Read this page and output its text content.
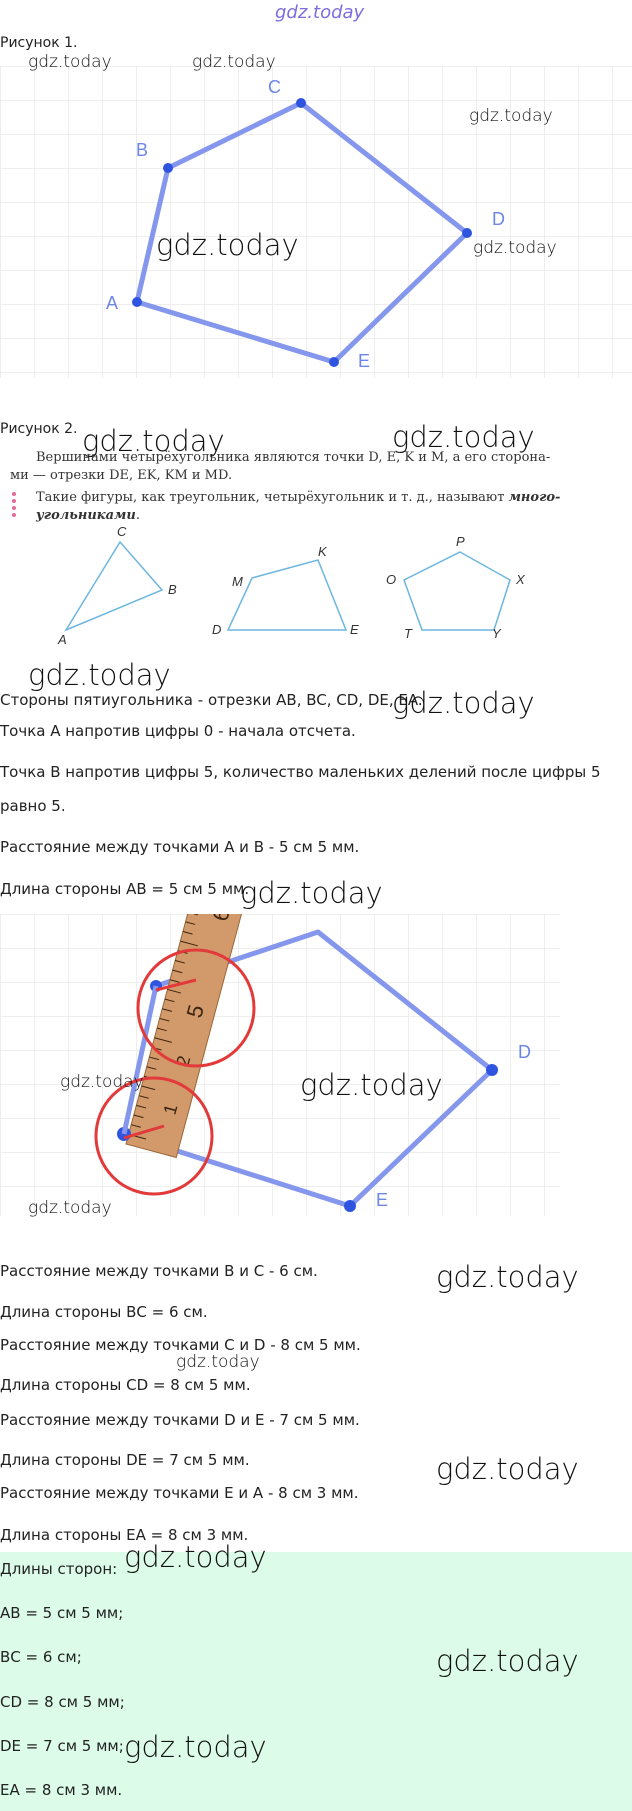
gdz.today
Рисунок 1.
A
B
C
D
E
gdz.today	gdz.today
gdz.today
gdz.today	gdz.today
Рисунок 2.
Вершинами четырёхугольника являются точки D, E, K и M, а его сторона-
ми — отрезки DE, EK, KM и MD.
Такие фигуры, как треугольник, четырёхугольник и т. д., называют много-
угольниками.
C
B
A
K
M
D	E
P
O	X
T	Y
gdz.today	gdz.today
gdz.today
Стороны пятиугольника - отрезки AB, BC, CD, DE, EA.
gdz.today
Точка А напротив цифры 0 - начала отсчета.
Точка В напротив цифры 5, количество маленьких делений после цифры 5
равно 5.
Расстояние между точками А и В - 5 см 5 мм.
Длина стороны АВ = 5 см 5 мм.
gdz.today
D
E
1
2
5
6
gdz.today	gdz.today
gdz.today
Расстояние между точками В и С - 6 см.	gdz.today
Длина стороны ВС = 6 см.
Расстояние между точками С и D - 8 см 5 мм.
gdz.today
Длина стороны CD = 8 см 5 мм.
Расстояние между точками D и E - 7 см 5 мм.
Длина стороны DE = 7 см 5 мм.	gdz.today
Расстояние между точками E и A - 8 см 3 мм.
Длина стороны EA = 8 см 3 мм.
Длины сторон:
АВ = 5 см 5 мм;
ВС = 6 см;
CD = 8 см 5 мм;
DE = 7 см 5 мм;
EA = 8 см 3 мм.
gdz.today
gdz.today
gdz.today
